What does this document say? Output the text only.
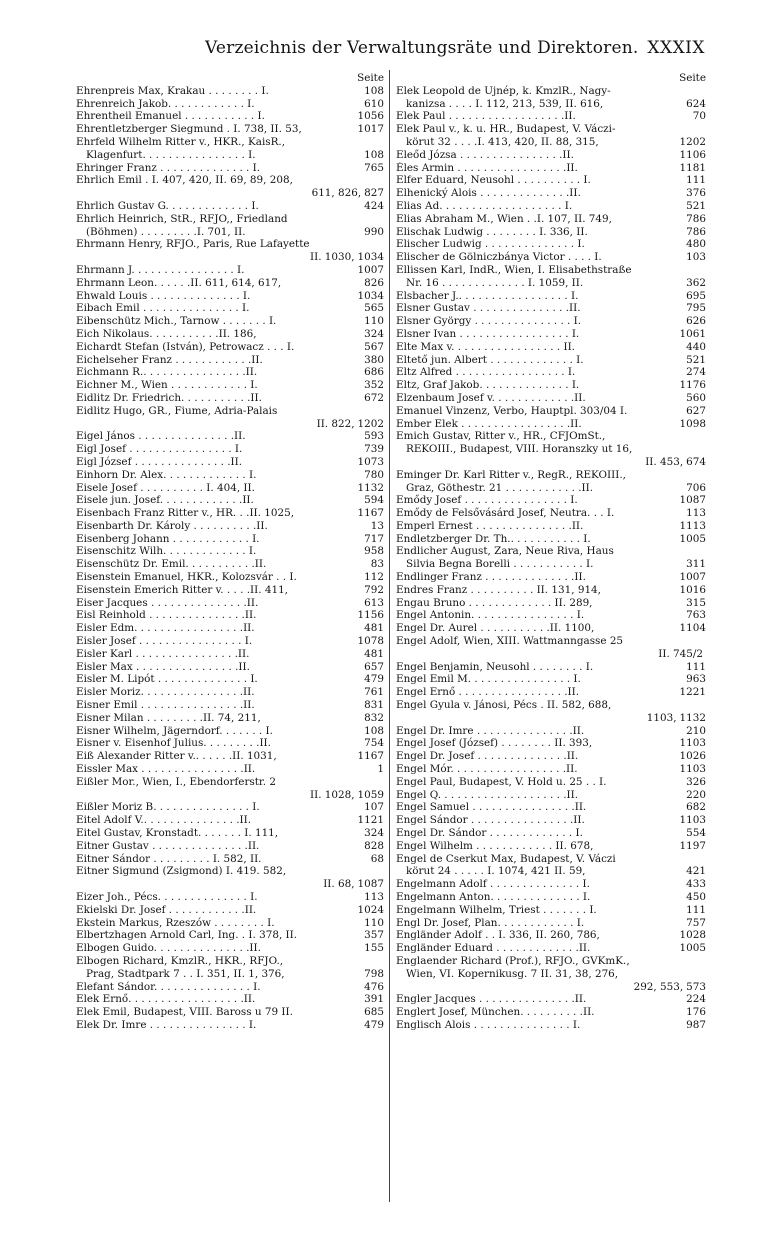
Verzeichnis der Verwaltungsräte und Direktoren. XXXIX
Seite
Ehrenpreis Max, Krakau . . . . . . . . I.	108
Ehrenreich Jakob. . . . . . . . . . . . I.	610
Ehrentheil Emanuel . . . . . . . . . . . I.	1056
Ehrentletzberger Siegmund . I. 738, II. 53,	1017
Ehrfeld Wilhelm Ritter v., HKR., KaisR.,
Klagenfurt. . . . . . . . . . . . . . . . I.	108
Ehringer Franz . . . . . . . . . . . . . . I.	765
Ehrlich Emil . I. 407, 420, II. 69, 89, 208,
611, 826, 827
Ehrlich Gustav G. . . . . . . . . . . . . I.	424
Ehrlich Heinrich, StR., RFJO,, Friedland
(Böhmen) . . . . . . . . .I. 701, II.	990
Ehrmann Henry, RFJO., Paris, Rue Lafayette
II. 1030, 1034
Ehrmann J. . . . . . . . . . . . . . . . I.	1007
Ehrmann Leon. . . . . .II. 611, 614, 617,	826
Ehwald Louis . . . . . . . . . . . . . . I.	1034
Eibach Emil . . . . . . . . . . . . . . . I.	565
Eibenschütz Mich., Tarnow . . . . . . . I.	110
Eich Nikolaus. . . . . . . . . . .II. 186,	324
Eichardt Stefan (István), Petrowacz . . . I.	567
Eichelseher Franz . . . . . . . . . . . .II.	380
Eichmann R.. . . . . . . . . . . . . . . .II.	686
Eichner M., Wien . . . . . . . . . . . . I.	352
Eidlitz Dr. Friedrich. . . . . . . . . . .II.	672
Eidlitz Hugo, GR., Fiume, Adria-Palais
II. 822, 1202
Eigel János . . . . . . . . . . . . . . .II.	593
Eigl Josef . . . . . . . . . . . . . . . . I.	739
Eigl József . . . . . . . . . . . . . . .II.	1073
Einhorn Dr. Alex. . . . . . . . . . . . . I.	780
Eisele Josef . . . . . . . . . . I. 404, II.	1132
Eisele jun. Josef. . . . . . . . . . . . .II.	594
Eisenbach Franz Ritter v., HR. . .II. 1025,	1167
Eisenbarth Dr. Károly . . . . . . . . . .II.	13
Eisenberg Johann . . . . . . . . . . . . I.	717
Eisenschitz Wilh. . . . . . . . . . . . . I.	958
Eisenschütz Dr. Emil. . . . . . . . . . .II.	83
Eisenstein Emanuel, HKR., Kolozsvár . . I.	112
Eisenstein Emerich Ritter v. . . . .II. 411,	792
Eiser Jacques . . . . . . . . . . . . . . .II.	613
Eisl Reinhold . . . . . . . . . . . . . . .II.	1156
Eisler Edm. . . . . . . . . . . . . . . . .II.	481
Eisler Josef . . . . . . . . . . . . . . . . I.	1078
Eisler Karl . . . . . . . . . . . . . . . .II.	481
Eisler Max . . . . . . . . . . . . . . . .II.	657
Eisler M. Lipót . . . . . . . . . . . . . . I.	479
Eisler Moriz. . . . . . . . . . . . . . . .II.	761
Eisner Emil . . . . . . . . . . . . . . . .II.	831
Eisner Milan . . . . . . . . .II. 74, 211,	832
Eisner Wilhelm, Jägerndorf. . . . . . . I.	108
Eisner v. Eisenhof Julius. . . . . . . . .II.	754
Eiß Alexander Ritter v.. . . . . .II. 1031,	1167
Eissler Max . . . . . . . . . . . . . . . .II.	1
Eißler Mor., Wien, I., Ebendorferstr. 2
II. 1028, 1059
Eißler Moriz B. . . . . . . . . . . . . . . I.	107
Eitel Adolf V.. . . . . . . . . . . . . . .II.	1121
Eitel Gustav, Kronstadt. . . . . . . I. 111,	324
Eitner Gustav . . . . . . . . . . . . . . .II.	828
Eitner Sándor . . . . . . . . . I. 582, II.	68
Eitner Sigmund (Zsigmond) I. 419. 582,
II. 68, 1087
Eizer Joh., Pécs. . . . . . . . . . . . . . I.	113
Ekielski Dr. Josef . . . . . . . . . . . .II.	1024
Ekstein Markus, Rzeszów . . . . . . . . I.	110
Elbertzhagen Arnold Carl, Ing. . I. 378, II.	357
Elbogen Guido. . . . . . . . . . . . . . .II.	155
Elbogen Richard, KmzlR., HKR., RFJO.,
Prag, Stadtpark 7 . . I. 351, II. 1, 376,	798
Elefant Sándor. . . . . . . . . . . . . . . I.	476
Elek Ernő. . . . . . . . . . . . . . . . . .II.	391
Elek Emil, Budapest, VIII. Baross u 79 II.	685
Elek Dr. Imre . . . . . . . . . . . . . . . I.	479
Seite
Elek Leopold de Ujnép, k. KmzlR., Nagy-
kanizsa . . . . I. 112, 213, 539, II. 616,	624
Elek Paul . . . . . . . . . . . . . . . . . .II.	70
Elek Paul v., k. u. HR., Budapest, V. Váczi-
körut 32 . . . .I. 413, 420, II. 88, 315,	1202
Eleőd Józsa . . . . . . . . . . . . . . . .II.	1106
Éles Armin . . . . . . . . . . . . . . . . .II.	1181
Elfer Eduard, Neusohl . . . . . . . . . . I.	111
Elhenický Alois . . . . . . . . . . . . . .II.	376
Elias Ad. . . . . . . . . . . . . . . . . . . I.	521
Elias Abraham M., Wien . .I. 107, II. 749,	786
Elischak Ludwig . . . . . . . . I. 336, II.	786
Elischer Ludwig . . . . . . . . . . . . . . I.	480
Elischer de Gölniczbánya Victor . . . . I.	103
Ellissen Karl, IndR., Wien, I. Elisabethstraße
Nr. 16 . . . . . . . . . . . . . I. 1059, II.	362
Elsbacher J.. . . . . . . . . . . . . . . . . I.	695
Elsner Gustav . . . . . . . . . . . . . . .II.	795
Elsner György . . . . . . . . . . . . . . . I.	626
Elsner Ivan . . . . . . . . . . . . . . . . . I.	1061
Elte Max v. . . . . . . . . . . . . . . . . II.	440
Eltető jun. Albert . . . . . . . . . . . . . I.	521
Eltz Alfred . . . . . . . . . . . . . . . . . I.	274
Eltz, Graf Jakob. . . . . . . . . . . . . . I.	1176
Elzenbaum Josef v. . . . . . . . . . . . .II.	560
Emanuel Vinzenz, Verbo, Hauptpl. 303/04 I.	627
Ember Elek . . . . . . . . . . . . . . . . .II.	1098
Emich Gustav, Ritter v., HR., CFJOmSt.,
REKOIII., Budapest, VIII. Horanszky ut 16,
II. 453, 674
Eminger Dr. Karl Ritter v., RegR., REKOIII.,
Graz, Göthestr. 21 . . . . . . . . . . . .II.	706
Emődy Josef . . . . . . . . . . . . . . . . I.	1087
Emődy de Felsővásárd Josef, Neutra. . . I.	113
Emperl Ernest . . . . . . . . . . . . . . .II.	1113
Endletzberger Dr. Th.. . . . . . . . . . . I.	1005
Endlicher August, Zara, Neue Riva, Haus
Silvia Begna Borelli . . . . . . . . . . . I.	311
Endlinger Franz . . . . . . . . . . . . . .II.	1007
Endres Franz . . . . . . . . . . II. 131, 914,	1016
Engau Bruno . . . . . . . . . . . . . II. 289,	315
Engel Antonin. . . . . . . . . . . . . . . . I.	763
Engel Dr. Aurel . . . . . . . . . . .II. 1100,	1104
Engel Adolf, Wien, XIII. Wattmanngasse 25
II. 745/2
Engel Benjamin, Neusohl . . . . . . . . I.	111
Engel Emil M. . . . . . . . . . . . . . . . I.	963
Engel Ernő . . . . . . . . . . . . . . . . .II.	1221
Engel Gyula v. Jánosi, Pécs . II. 582, 688,
1103, 1132
Engel Dr. Imre . . . . . . . . . . . . . . .II.	210
Engel Josef (József) . . . . . . . . II. 393,	1103
Engel Dr. Josef . . . . . . . . . . . . . .II.	1026
Engel Mór. . . . . . . . . . . . . . . . . .II.	1103
Engel Paul, Budapest, V. Hold u. 25 . . I.	326
Engel Q. . . . . . . . . . . . . . . . . . . .II.	220
Engel Samuel . . . . . . . . . . . . . . . .II.	682
Engel Sándor . . . . . . . . . . . . . . . .II.	1103
Engel Dr. Sándor . . . . . . . . . . . . . I.	554
Engel Wilhelm . . . . . . . . . . . . II. 678,	1197
Engel de Cserkut Max, Budapest, V. Váczi
körut 24 . . . . . I. 1074, 421 II. 59,	421
Engelmann Adolf . . . . . . . . . . . . . . I.	433
Engelmann Anton. . . . . . . . . . . . . . I.	450
Engelmann Wilhelm, Triest . . . . . . . I.	111
Engl Dr. Josef, Plan. . . . . . . . . . . . I.	757
Engländer Adolf . . I. 336, II. 260, 786,	1028
Engländer Eduard . . . . . . . . . . . . .II.	1005
Englaender Richard (Prof.), RFJO., GVKmK.,
Wien, VI. Kopernikusg. 7 II. 31, 38, 276,
292, 553, 573
Engler Jacques . . . . . . . . . . . . . . .II.	224
Englert Josef, München. . . . . . . . . .II.	176
Englisch Alois . . . . . . . . . . . . . . . I.	987
